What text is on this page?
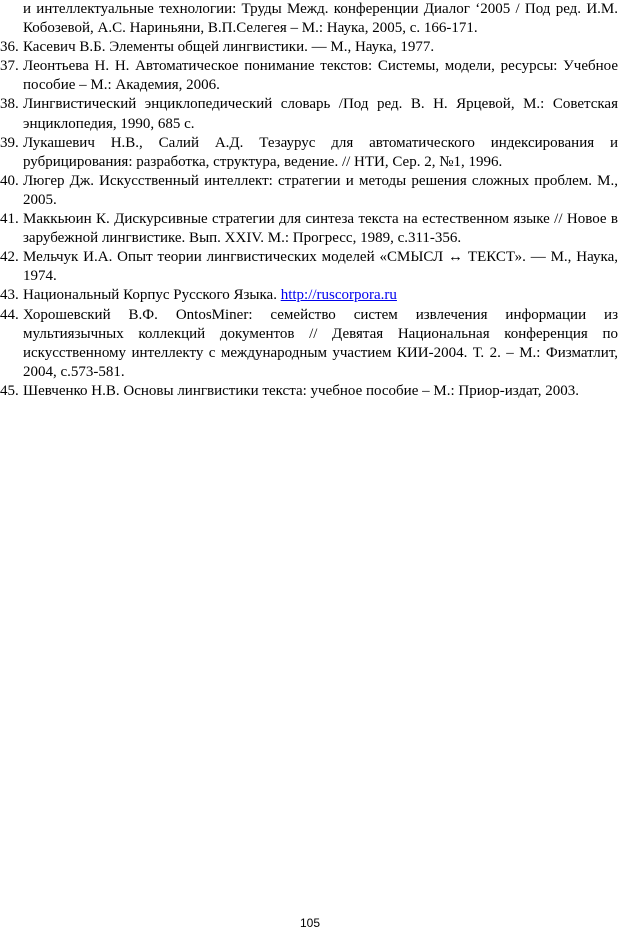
и интеллектуальные технологии: Труды Межд. конференции Диалог ‘2005 / Под ред. И.М. Кобозевой, А.С. Нариньяни, В.П.Селегея – М.: Наука, 2005, с. 166-171.
36. Касевич В.Б. Элементы общей лингвистики. — М., Наука, 1977.
37. Леонтьева Н. Н. Автоматическое понимание текстов: Системы, модели, ресурсы: Учебное пособие – М.: Академия, 2006.
38. Лингвистический энциклопедический словарь /Под ред. В. Н. Ярцевой, М.: Советская энциклопедия, 1990, 685 с.
39. Лукашевич Н.В., Салий А.Д. Тезаурус для автоматического индексирования и рубрицирования: разработка, структура, ведение. // НТИ, Сер. 2, №1, 1996.
40. Люгер Дж. Искусственный интеллект: стратегии и методы решения сложных проблем. М., 2005.
41. Маккьюин К. Дискурсивные стратегии для синтеза текста на естественном языке // Новое в зарубежной лингвистике. Вып. XXIV. М.: Прогресс, 1989, с.311-356.
42. Мельчук И.А. Опыт теории лингвистических моделей «СМЫСЛ ↔ ТЕКСТ». — М., Наука, 1974.
43. Национальный Корпус Русского Языка. http://ruscorpora.ru
44. Хорошевский В.Ф. OntosMiner: семейство систем извлечения информации из мультиязычных коллекций документов // Девятая Национальная конференция по искусственному интеллекту с международным участием КИИ-2004. Т. 2. – М.: Физматлит, 2004, с.573-581.
45. Шевченко Н.В. Основы лингвистики текста: учебное пособие – М.: Приор-издат, 2003.
105
